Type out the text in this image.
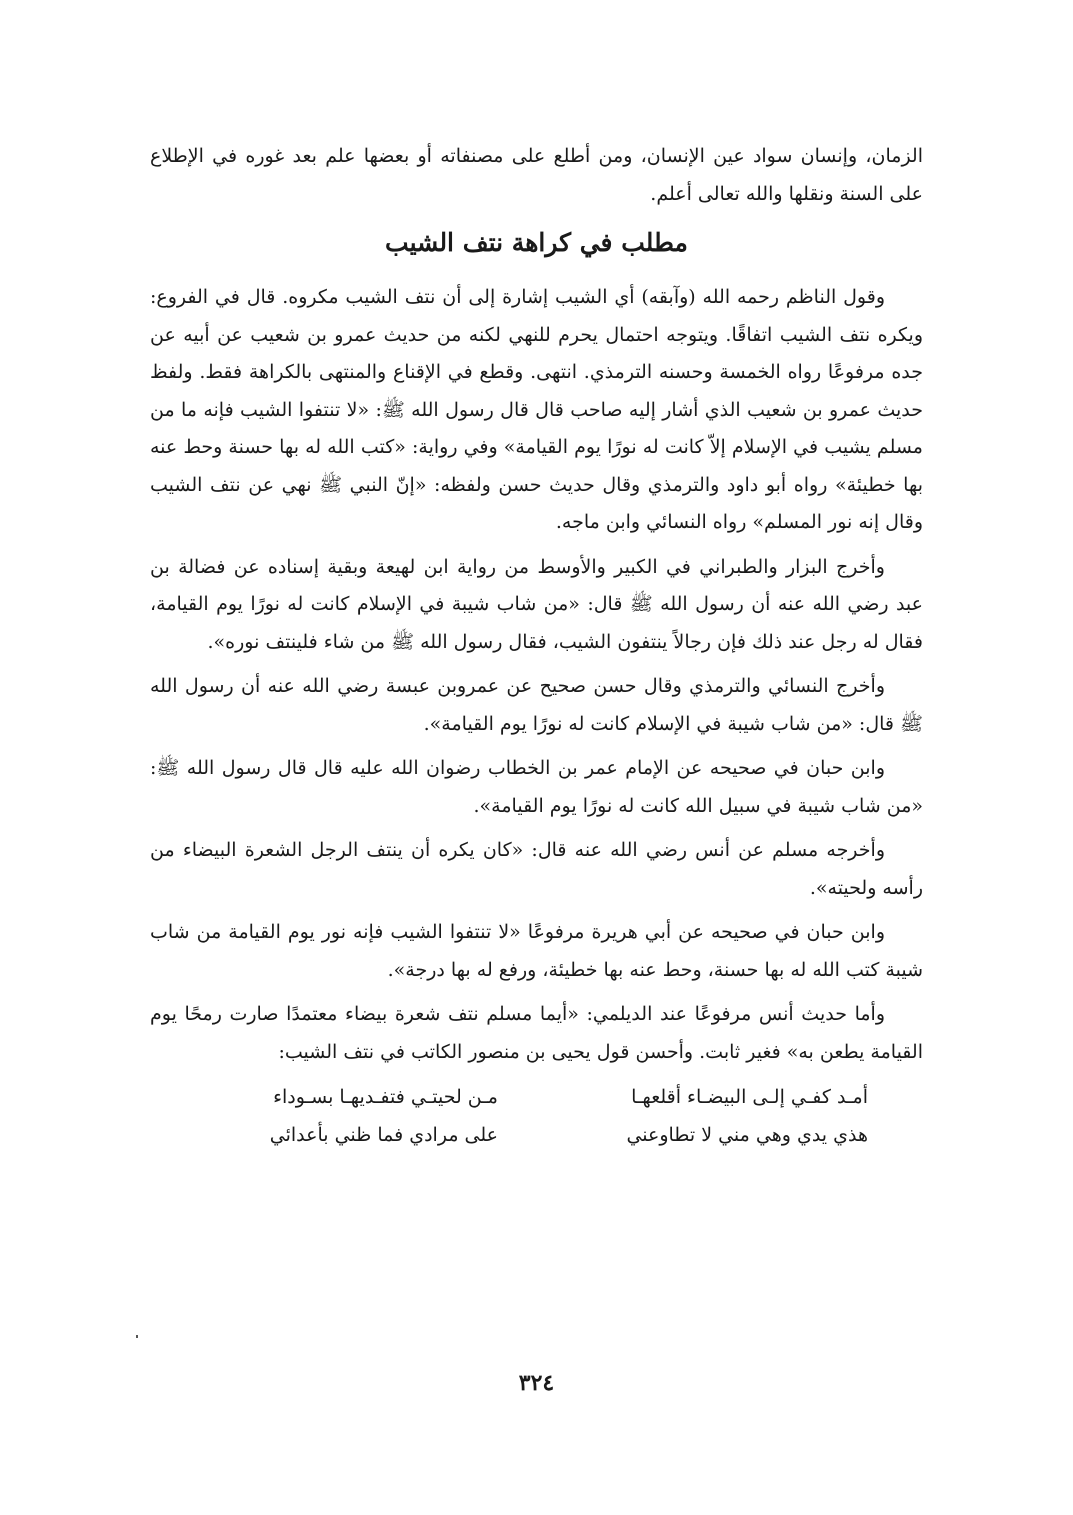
الزمان، وإنسان سواد عين الإنسان، ومن أطلع على مصنفاته أو بعضها علم بعد غوره في الإطلاع على السنة ونقلها والله تعالى أعلم.

مطلب في كراهة نتف الشيب

وقول الناظم رحمه الله (وآبقه) أي الشيب إشارة إلى أن نتف الشيب مكروه. قال في الفروع: ويكره نتف الشيب اتفاقًا. ويتوجه احتمال يحرم للنهي لكنه من حديث عمرو بن شعيب عن أبيه عن جده مرفوعًا رواه الخمسة وحسنه الترمذي. انتهى. وقطع في الإقناع والمنتهى بالكراهة فقط. ولفظ حديث عمرو بن شعيب الذي أشار إليه صاحب قال قال رسول الله ﷺ: «لا تنتفوا الشيب فإنه ما من مسلم يشيب في الإسلام إلاّ كانت له نورًا يوم القيامة» وفي رواية: «كتب الله له بها حسنة وحط عنه بها خطيئة» رواه أبو داود والترمذي وقال حديث حسن ولفظه: «إنّ النبي ﷺ نهي عن نتف الشيب وقال إنه نور المسلم» رواه النسائي وابن ماجه.

وأخرج البزار والطبراني في الكبير والأوسط من رواية ابن لهيعة وبقية إسناده عن فضالة بن عبد رضي الله عنه أن رسول الله ﷺ قال: «من شاب شيبة في الإسلام كانت له نورًا يوم القيامة، فقال له رجل عند ذلك فإن رجالاً ينتفون الشيب، فقال رسول الله ﷺ من شاء فلينتف نوره».

وأخرج النسائي والترمذي وقال حسن صحيح عن عمروبن عبسة رضي الله عنه أن رسول الله ﷺ قال: «من شاب شيبة في الإسلام كانت له نورًا يوم القيامة».

وابن حبان في صحيحه عن الإمام عمر بن الخطاب رضوان الله عليه قال قال رسول الله ﷺ: «من شاب شيبة في سبيل الله كانت له نورًا يوم القيامة».

وأخرجه مسلم عن أنس رضي الله عنه قال: «كان يكره أن ينتف الرجل الشعرة البيضاء من رأسه ولحيته».

وابن حبان في صحيحه عن أبي هريرة مرفوعًا «لا تنتفوا الشيب فإنه نور يوم القيامة من شاب شيبة كتب الله له بها حسنة، وحط عنه بها خطيئة، ورفع له بها درجة».

وأما حديث أنس مرفوعًا عند الديلمي: «أيما مسلم نتف شعرة بيضاء معتمدًا صارت رمحًا يوم القيامة يطعن به» فغير ثابت. وأحسن قول يحيى بن منصور الكاتب في نتف الشيب:

أمـد كفـي إلـى البيضـاء أقلعهـا
مـن لحيتـي فتفـديهـا بسـوداء
هذي يدي وهي مني لا تطاوعني
على مرادي فما ظني بأعدائي
٣٢٤
